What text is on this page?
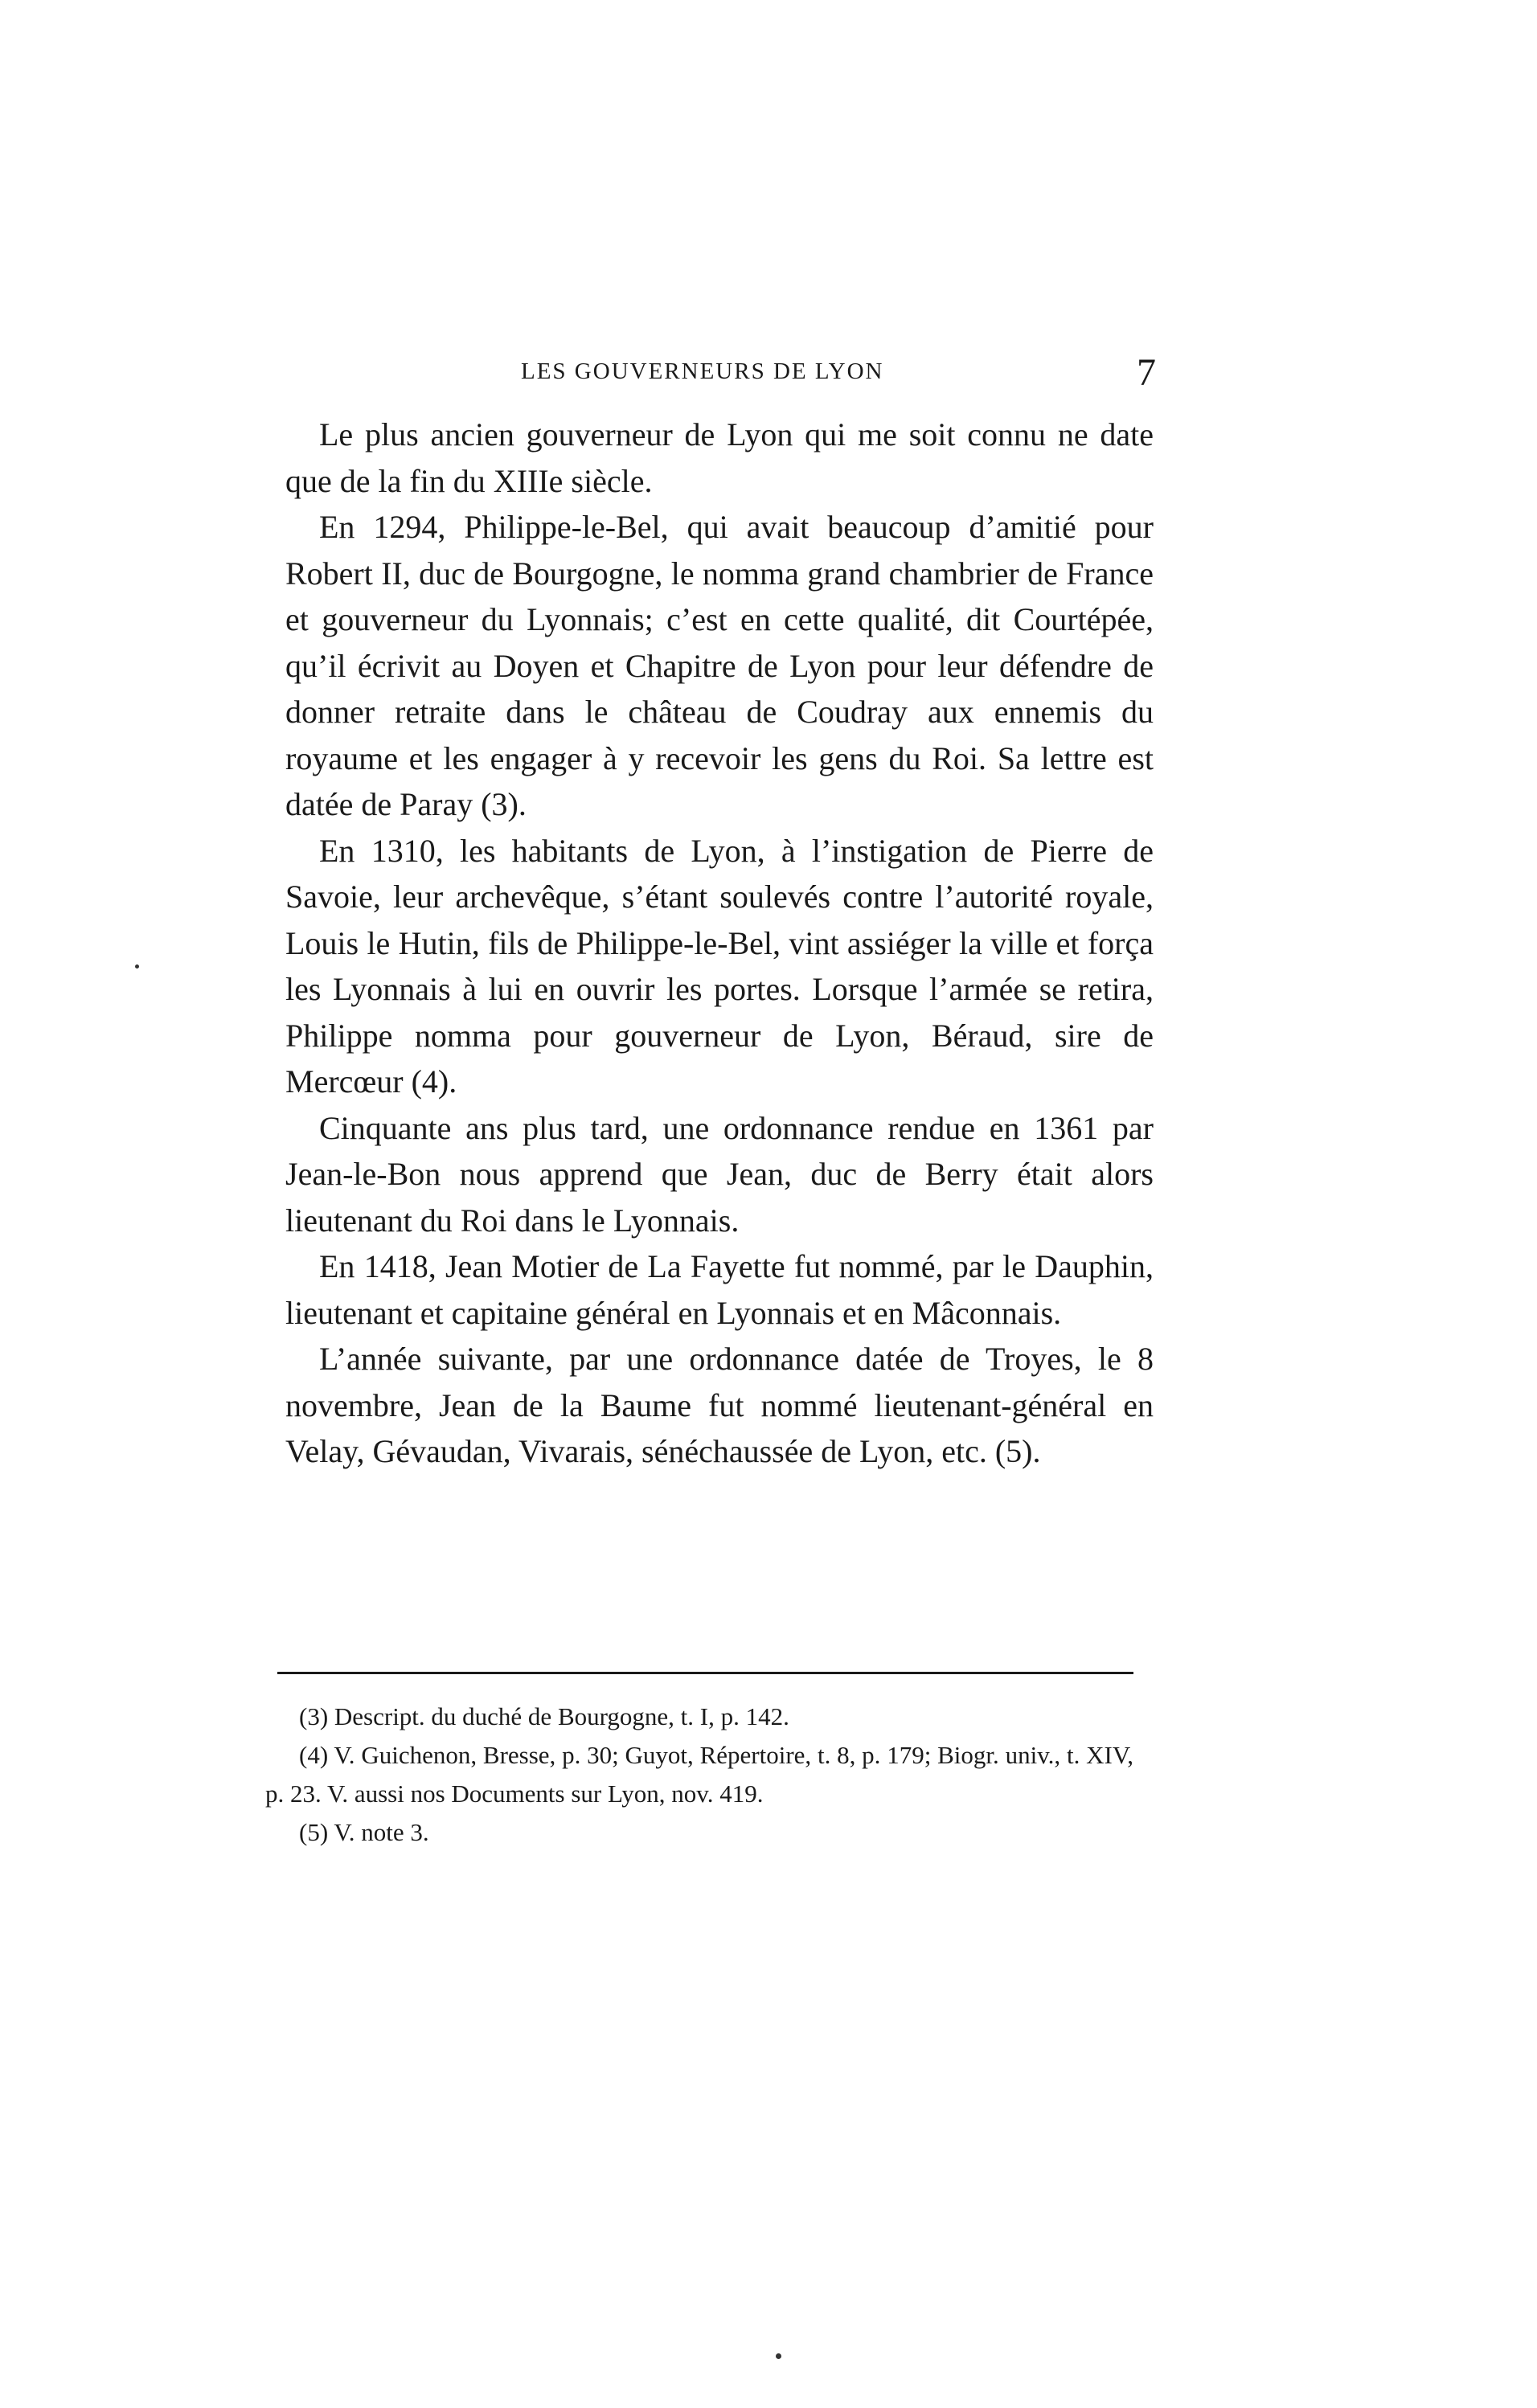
LES GOUVERNEURS DE LYON	7

Le plus ancien gouverneur de Lyon qui me soit connu ne date que de la fin du XIIIe siècle.

En 1294, Philippe-le-Bel, qui avait beaucoup d’amitié pour Robert II, duc de Bourgogne, le nomma grand chambrier de France et gouverneur du Lyonnais; c’est en cette qualité, dit Courtépée, qu’il écrivit au Doyen et Chapitre de Lyon pour leur défendre de donner retraite dans le château de Coudray aux ennemis du royaume et les engager à y recevoir les gens du Roi. Sa lettre est datée de Paray (3).

En 1310, les habitants de Lyon, à l’instigation de Pierre de Savoie, leur archevêque, s’étant soulevés contre l’autorité royale, Louis le Hutin, fils de Philippe-le-Bel, vint assiéger la ville et força les Lyonnais à lui en ouvrir les portes. Lorsque l’armée se retira, Philippe nomma pour gouverneur de Lyon, Béraud, sire de Mercœur (4).

Cinquante ans plus tard, une ordonnance rendue en 1361 par Jean-le-Bon nous apprend que Jean, duc de Berry était alors lieutenant du Roi dans le Lyonnais.

En 1418, Jean Motier de La Fayette fut nommé, par le Dauphin, lieutenant et capitaine général en Lyonnais et en Mâconnais.

L’année suivante, par une ordonnance datée de Troyes, le 8 novembre, Jean de la Baume fut nommé lieutenant-général en Velay, Gévaudan, Vivarais, sénéchaussée de Lyon, etc. (5).

(3) Descript. du duché de Bourgogne, t. I, p. 142.

(4) V. Guichenon, Bresse, p. 30; Guyot, Répertoire, t. 8, p. 179; Biogr. univ., t. XIV, p. 23. V. aussi nos Documents sur Lyon, nov. 419.

(5) V. note 3.
